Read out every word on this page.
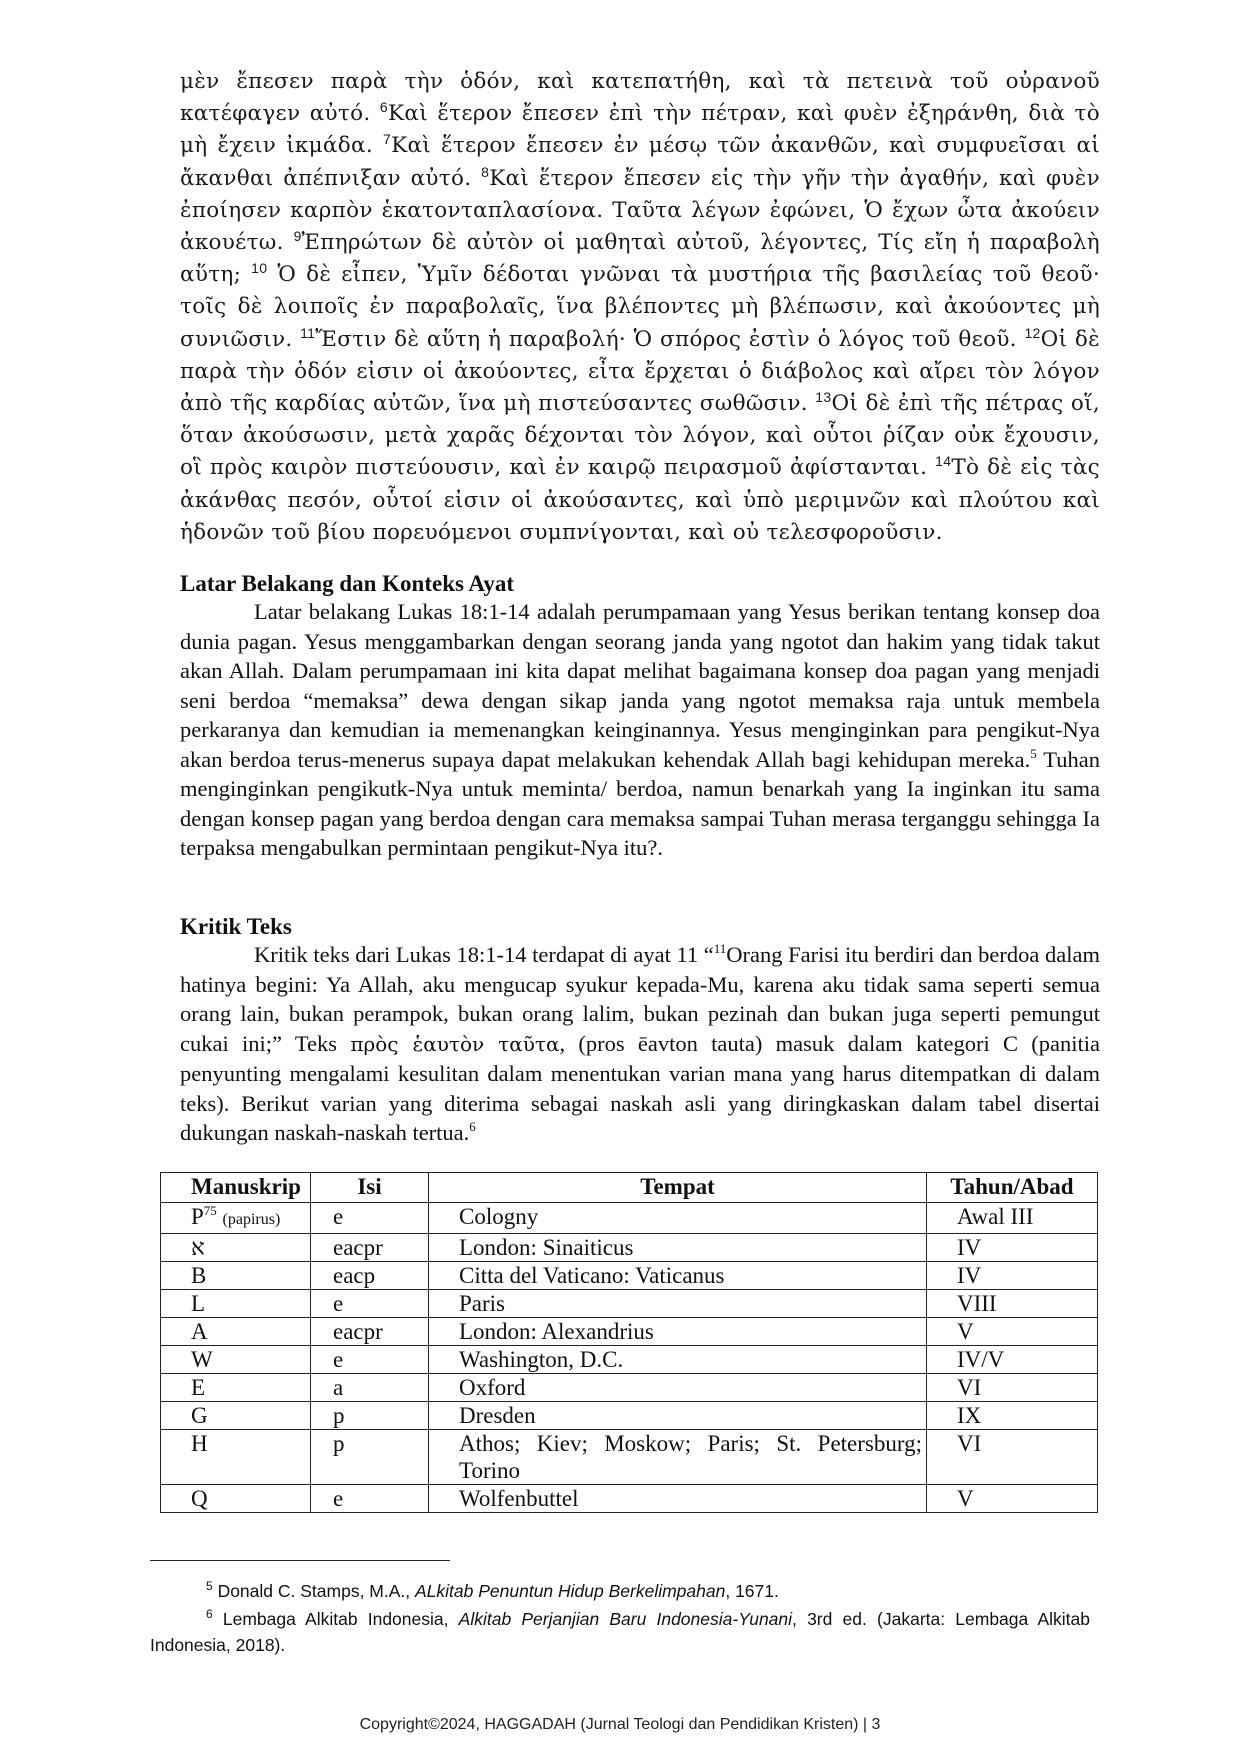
μὲν ἔπεσεν παρὰ τὴν ὁδόν, καὶ κατεπατήθη, καὶ τὰ πετεινὰ τοῦ οὐρανοῦ κατέφαγεν αὐτό. $^6$Καὶ ἕτερον ἔπεσεν ἐπὶ τὴν πέτραν, καὶ φυὲν ἐξηράνθη, διὰ τὸ μὴ ἔχειν ἰκμάδα. $^7$Καὶ ἕτερον ἔπεσεν ἐν μέσῳ τῶν ἀκανθῶν, καὶ συμφυεῖσαι αἱ ἄκανθαι ἀπέπνιξαν αὐτό. $^8$Καὶ ἕτερον ἔπεσεν εἰς τὴν γῆν τὴν ἀγαθήν, καὶ φυὲν ἐποίησεν καρπὸν ἑκατονταπλασίονα. Ταῦτα λέγων ἐφώνει, Ὁ ἔχων ὦτα ἀκούειν ἀκουέτω. $^9$Ἐπηρώτων δὲ αὐτὸν οἱ μαθηταὶ αὐτοῦ, λέγοντες, Τίς εἴη ἡ παραβολὴ αὕτη; $^{10}$ Ὁ δὲ εἶπεν, Ὑμῖν δέδοται γνῶναι τὰ μυστήρια τῆς βασιλείας τοῦ θεοῦ· τοῖς δὲ λοιποῖς ἐν παραβολαῖς, ἵνα βλέποντες μὴ βλέπωσιν, καὶ ἀκούοντες μὴ συνιῶσιν. $^{11}$Ἔστιν δὲ αὕτη ἡ παραβολή· Ὁ σπόρος ἐστὶν ὁ λόγος τοῦ θεοῦ. $^{12}$Οἱ δὲ παρὰ τὴν ὁδόν εἰσιν οἱ ἀκούοντες, εἶτα ἔρχεται ὁ διάβολος καὶ αἴρει τὸν λόγον ἀπὸ τῆς καρδίας αὐτῶν, ἵνα μὴ πιστεύσαντες σωθῶσιν. $^{13}$Οἱ δὲ ἐπὶ τῆς πέτρας οἵ, ὅταν ἀκούσωσιν, μετὰ χαρᾶς δέχονται τὸν λόγον, καὶ οὗτοι ῥίζαν οὐκ ἔχουσιν, οἳ πρὸς καιρὸν πιστεύουσιν, καὶ ἐν καιρῷ πειρασμοῦ ἀφίστανται. $^{14}$Τὸ δὲ εἰς τὰς ἀκάνθας πεσόν, οὗτοί εἰσιν οἱ ἀκούσαντες, καὶ ὑπὸ μεριμνῶν καὶ πλούτου καὶ ἡδονῶν τοῦ βίου πορευόμενοι συμπνίγονται, καὶ οὐ τελεσφοροῦσιν.
Latar Belakang dan Konteks Ayat
Latar belakang Lukas 18:1-14 adalah perumpamaan yang Yesus berikan tentang konsep doa dunia pagan. Yesus menggambarkan dengan seorang janda yang ngotot dan hakim yang tidak takut akan Allah. Dalam perumpamaan ini kita dapat melihat bagaimana konsep doa pagan yang menjadi seni berdoa “memaksa” dewa dengan sikap janda yang ngotot memaksa raja untuk membela perkaranya dan kemudian ia memenangkan keinginannya. Yesus menginginkan para pengikut-Nya akan berdoa terus-menerus supaya dapat melakukan kehendak Allah bagi kehidupan mereka.$^5$ Tuhan menginginkan pengikutk-Nya untuk meminta/ berdoa, namun benarkah yang Ia inginkan itu sama dengan konsep pagan yang berdoa dengan cara memaksa sampai Tuhan merasa terganggu sehingga Ia terpaksa mengabulkan permintaan pengikut-Nya itu?.
Kritik Teks
Kritik teks dari Lukas 18:1-14 terdapat di ayat 11 “$^{11}$Orang Farisi itu berdiri dan berdoa dalam hatinya begini: Ya Allah, aku mengucap syukur kepada-Mu, karena aku tidak sama seperti semua orang lain, bukan perampok, bukan orang lalim, bukan pezinah dan bukan juga seperti pemungut cukai ini;” Teks πρὸς ἑαυτὸν ταῦτα, (pros ēavton tauta) masuk dalam kategori C (panitia penyunting mengalami kesulitan dalam menentukan varian mana yang harus ditempatkan di dalam teks). Berikut varian yang diterima sebagai naskah asli yang diringkaskan dalam tabel disertai dukungan naskah-naskah tertua.$^6$
Manuskrip	Isi	Tempat	Tahun/Abad
$P^{75}$ (papirus)	e	Colognу	Awal III
א	eacpr	London: Sinaiticus	IV
B	eacp	Citta del Vaticano: Vaticanus	IV
L	e	Paris	VIII
A	eacpr	London: Alexandrius	V
W	e	Washington, D.C.	IV/V
E	a	Oxford	VI
G	p	Dresden	IX
H	p	Athos; Kiev; Moskow; Paris; St. Petersburg; Torino	VI
Q	e	Wolfenbuttel	V
$^5$ Donald C. Stamps, M.A., ALkitab Penuntun Hidup Berkelimpahan, 1671.
$^6$ Lembaga Alkitab Indonesia, Alkitab Perjanjian Baru Indonesia-Yunani, 3rd ed. (Jakarta: Lembaga Alkitab Indonesia, 2018).
Copyright©2024, HAGGADAH (Jurnal Teologi dan Pendidikan Kristen) | 3
